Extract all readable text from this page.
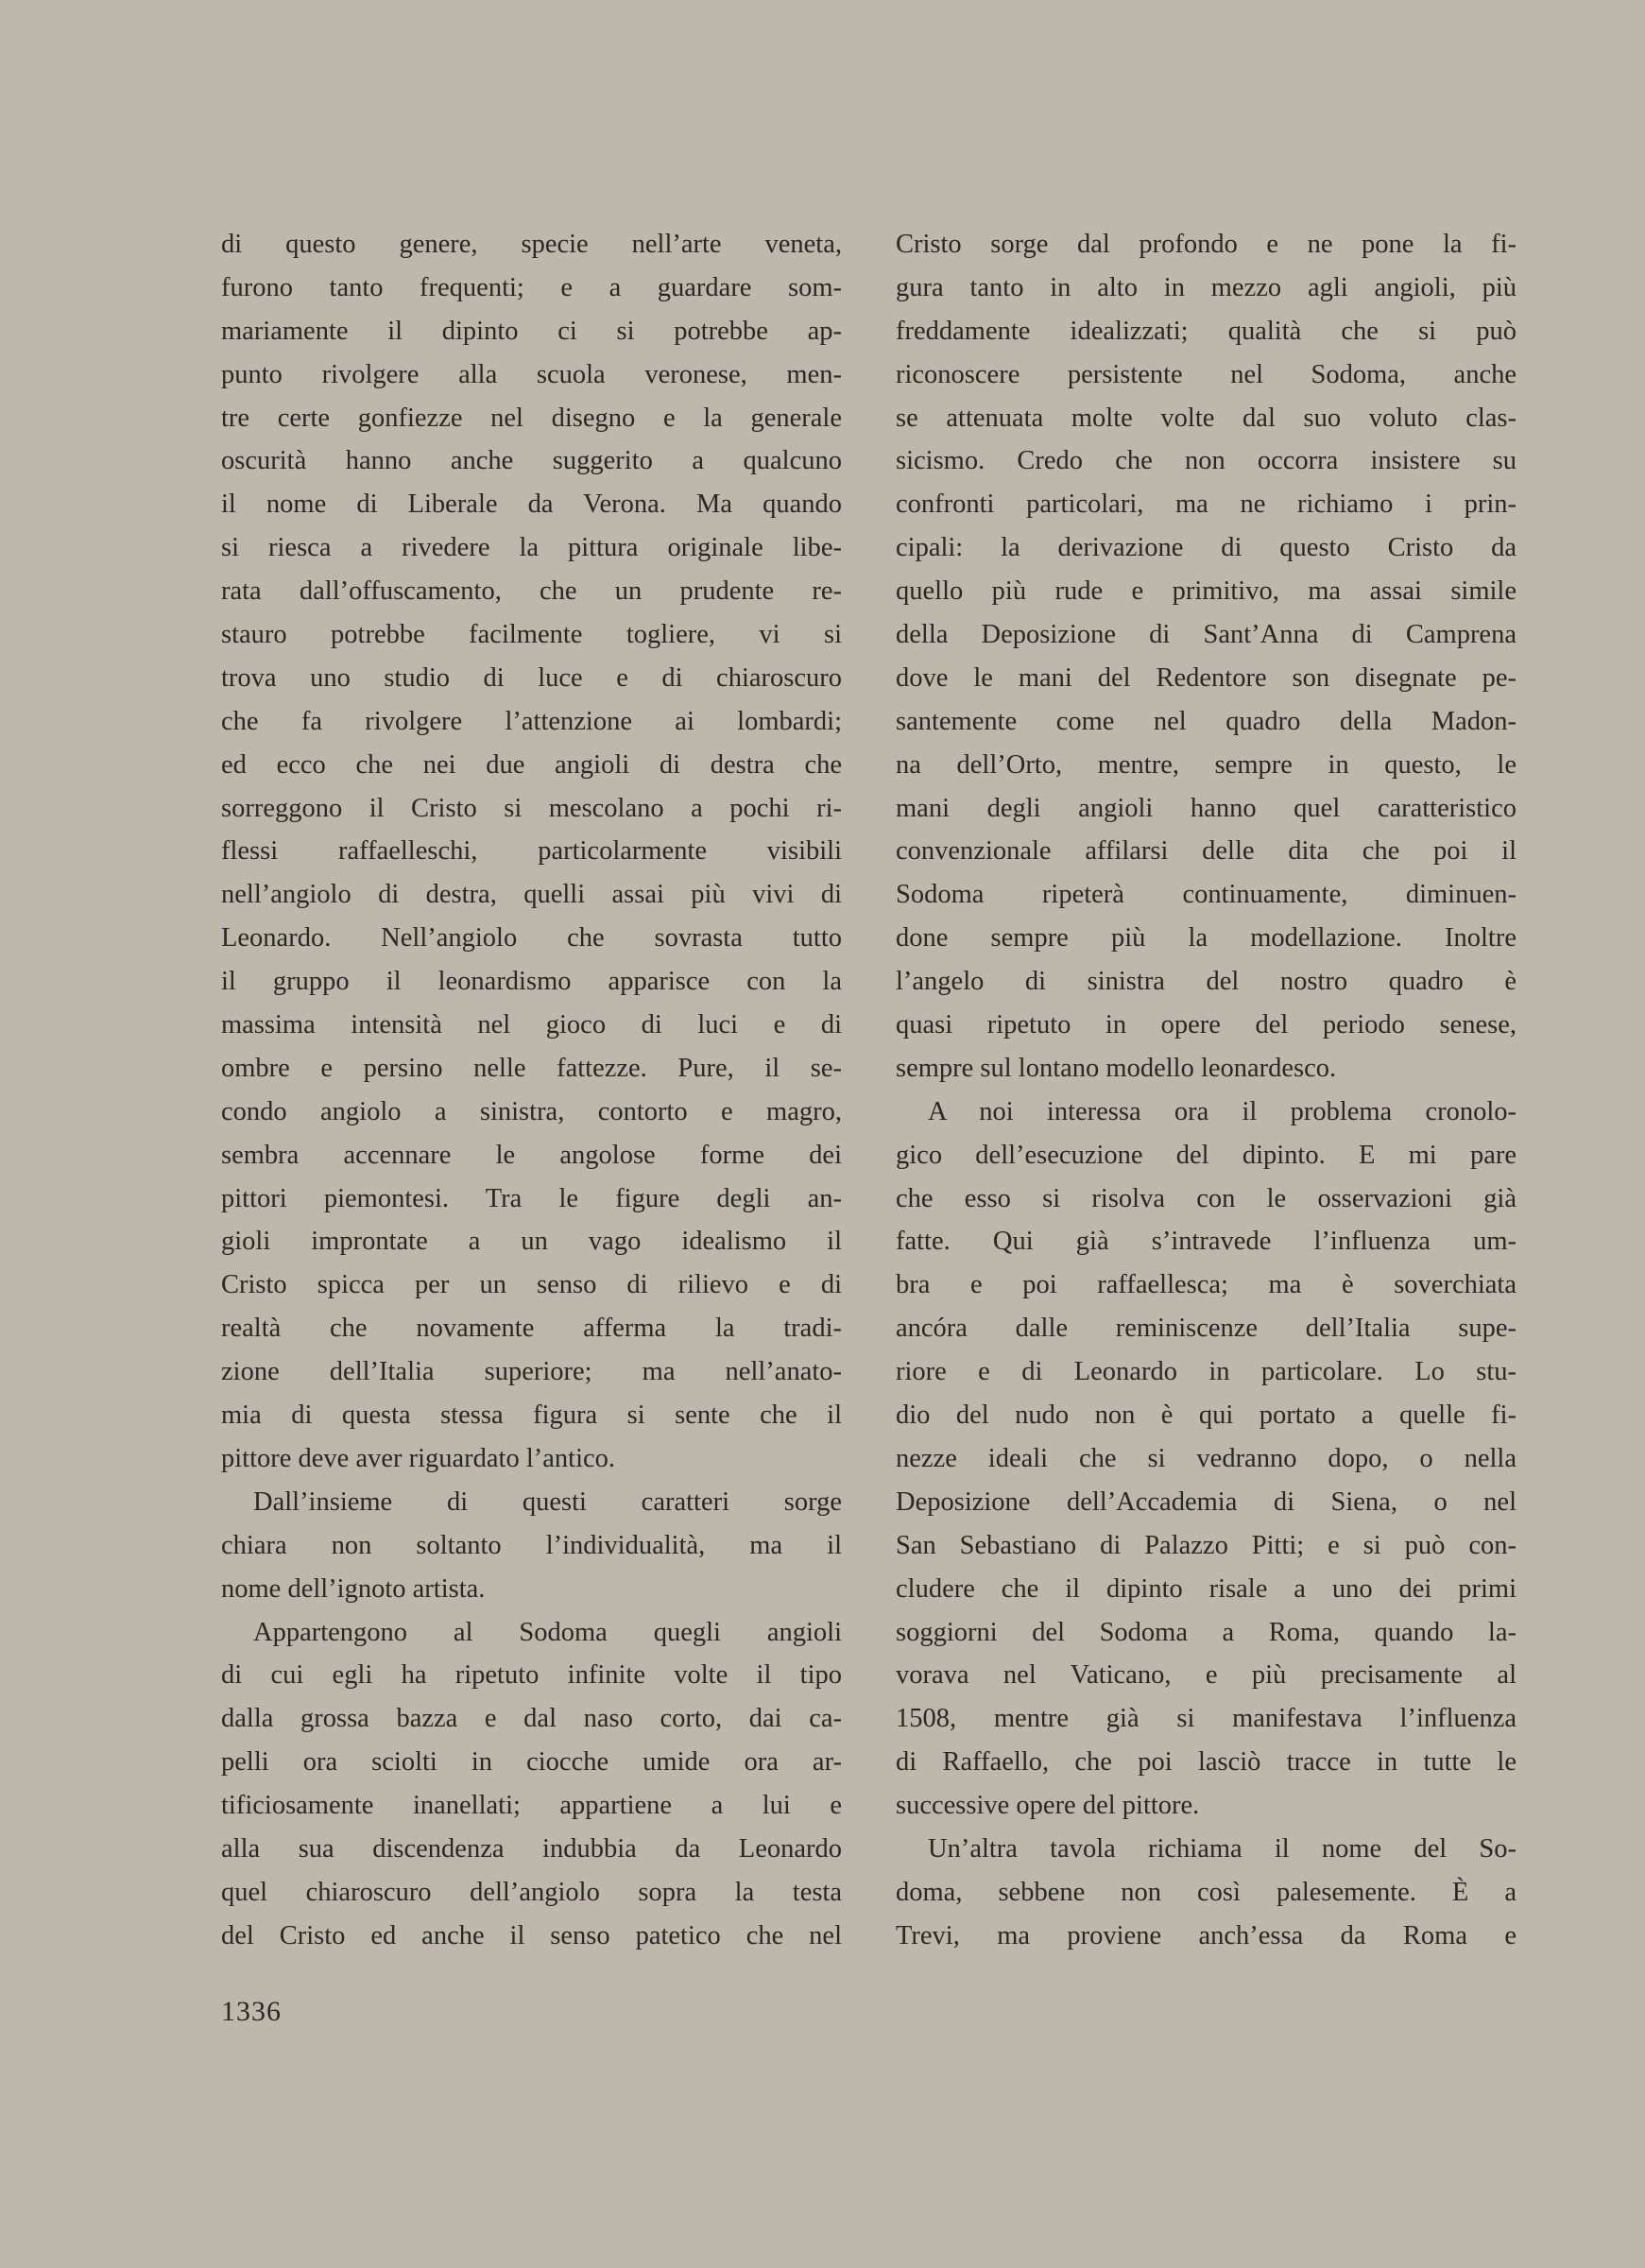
di questo genere, specie nell’arte veneta,
furono tanto frequenti; e a guardare som-
mariamente il dipinto ci si potrebbe ap-
punto rivolgere alla scuola veronese, men-
tre certe gonfiezze nel disegno e la generale
oscurità hanno anche suggerito a qualcuno
il nome di Liberale da Verona. Ma quando
si riesca a rivedere la pittura originale libe-
rata dall’offuscamento, che un prudente re-
stauro potrebbe facilmente togliere, vi si
trova uno studio di luce e di chiaroscuro
che fa rivolgere l’attenzione ai lombardi;
ed ecco che nei due angioli di destra che
sorreggono il Cristo si mescolano a pochi ri-
flessi raffaelleschi, particolarmente visibili
nell’angiolo di destra, quelli assai più vivi di
Leonardo. Nell’angiolo che sovrasta tutto
il gruppo il leonardismo apparisce con la
massima intensità nel gioco di luci e di
ombre e persino nelle fattezze. Pure, il se-
condo angiolo a sinistra, contorto e magro,
sembra accennare le angolose forme dei
pittori piemontesi. Tra le figure degli an-
gioli improntate a un vago idealismo il
Cristo spicca per un senso di rilievo e di
realtà che novamente afferma la tradi-
zione dell’Italia superiore; ma nell’anato-
mia di questa stessa figura si sente che il
pittore deve aver riguardato l’antico.
Dall’insieme di questi caratteri sorge
chiara non soltanto l’individualità, ma il
nome dell’ignoto artista.
Appartengono al Sodoma quegli angioli
di cui egli ha ripetuto infinite volte il tipo
dalla grossa bazza e dal naso corto, dai ca-
pelli ora sciolti in ciocche umide ora ar-
tificiosamente inanellati; appartiene a lui e
alla sua discendenza indubbia da Leonardo
quel chiaroscuro dell’angiolo sopra la testa
del Cristo ed anche il senso patetico che nel
Cristo sorge dal profondo e ne pone la fi-
gura tanto in alto in mezzo agli angioli, più
freddamente idealizzati; qualità che si può
riconoscere persistente nel Sodoma, anche
se attenuata molte volte dal suo voluto clas-
sicismo. Credo che non occorra insistere su
confronti particolari, ma ne richiamo i prin-
cipali: la derivazione di questo Cristo da
quello più rude e primitivo, ma assai simile
della Deposizione di Sant’Anna di Camprena
dove le mani del Redentore son disegnate pe-
santemente come nel quadro della Madon-
na dell’Orto, mentre, sempre in questo, le
mani degli angioli hanno quel caratteristico
convenzionale affilarsi delle dita che poi il
Sodoma ripeterà continuamente, diminuen-
done sempre più la modellazione. Inoltre
l’angelo di sinistra del nostro quadro è
quasi ripetuto in opere del periodo senese,
sempre sul lontano modello leonardesco.
A noi interessa ora il problema cronolo-
gico dell’esecuzione del dipinto. E mi pare
che esso si risolva con le osservazioni già
fatte. Qui già s’intravede l’influenza um-
bra e poi raffaellesca; ma è soverchiata
ancóra dalle reminiscenze dell’Italia supe-
riore e di Leonardo in particolare. Lo stu-
dio del nudo non è qui portato a quelle fi-
nezze ideali che si vedranno dopo, o nella
Deposizione dell’Accademia di Siena, o nel
San Sebastiano di Palazzo Pitti; e si può con-
cludere che il dipinto risale a uno dei primi
soggiorni del Sodoma a Roma, quando la-
vorava nel Vaticano, e più precisamente al
1508, mentre già si manifestava l’influenza
di Raffaello, che poi lasciò tracce in tutte le
successive opere del pittore.
Un’altra tavola richiama il nome del So-
doma, sebbene non così palesemente. È a
Trevi, ma proviene anch’essa da Roma e
1336
